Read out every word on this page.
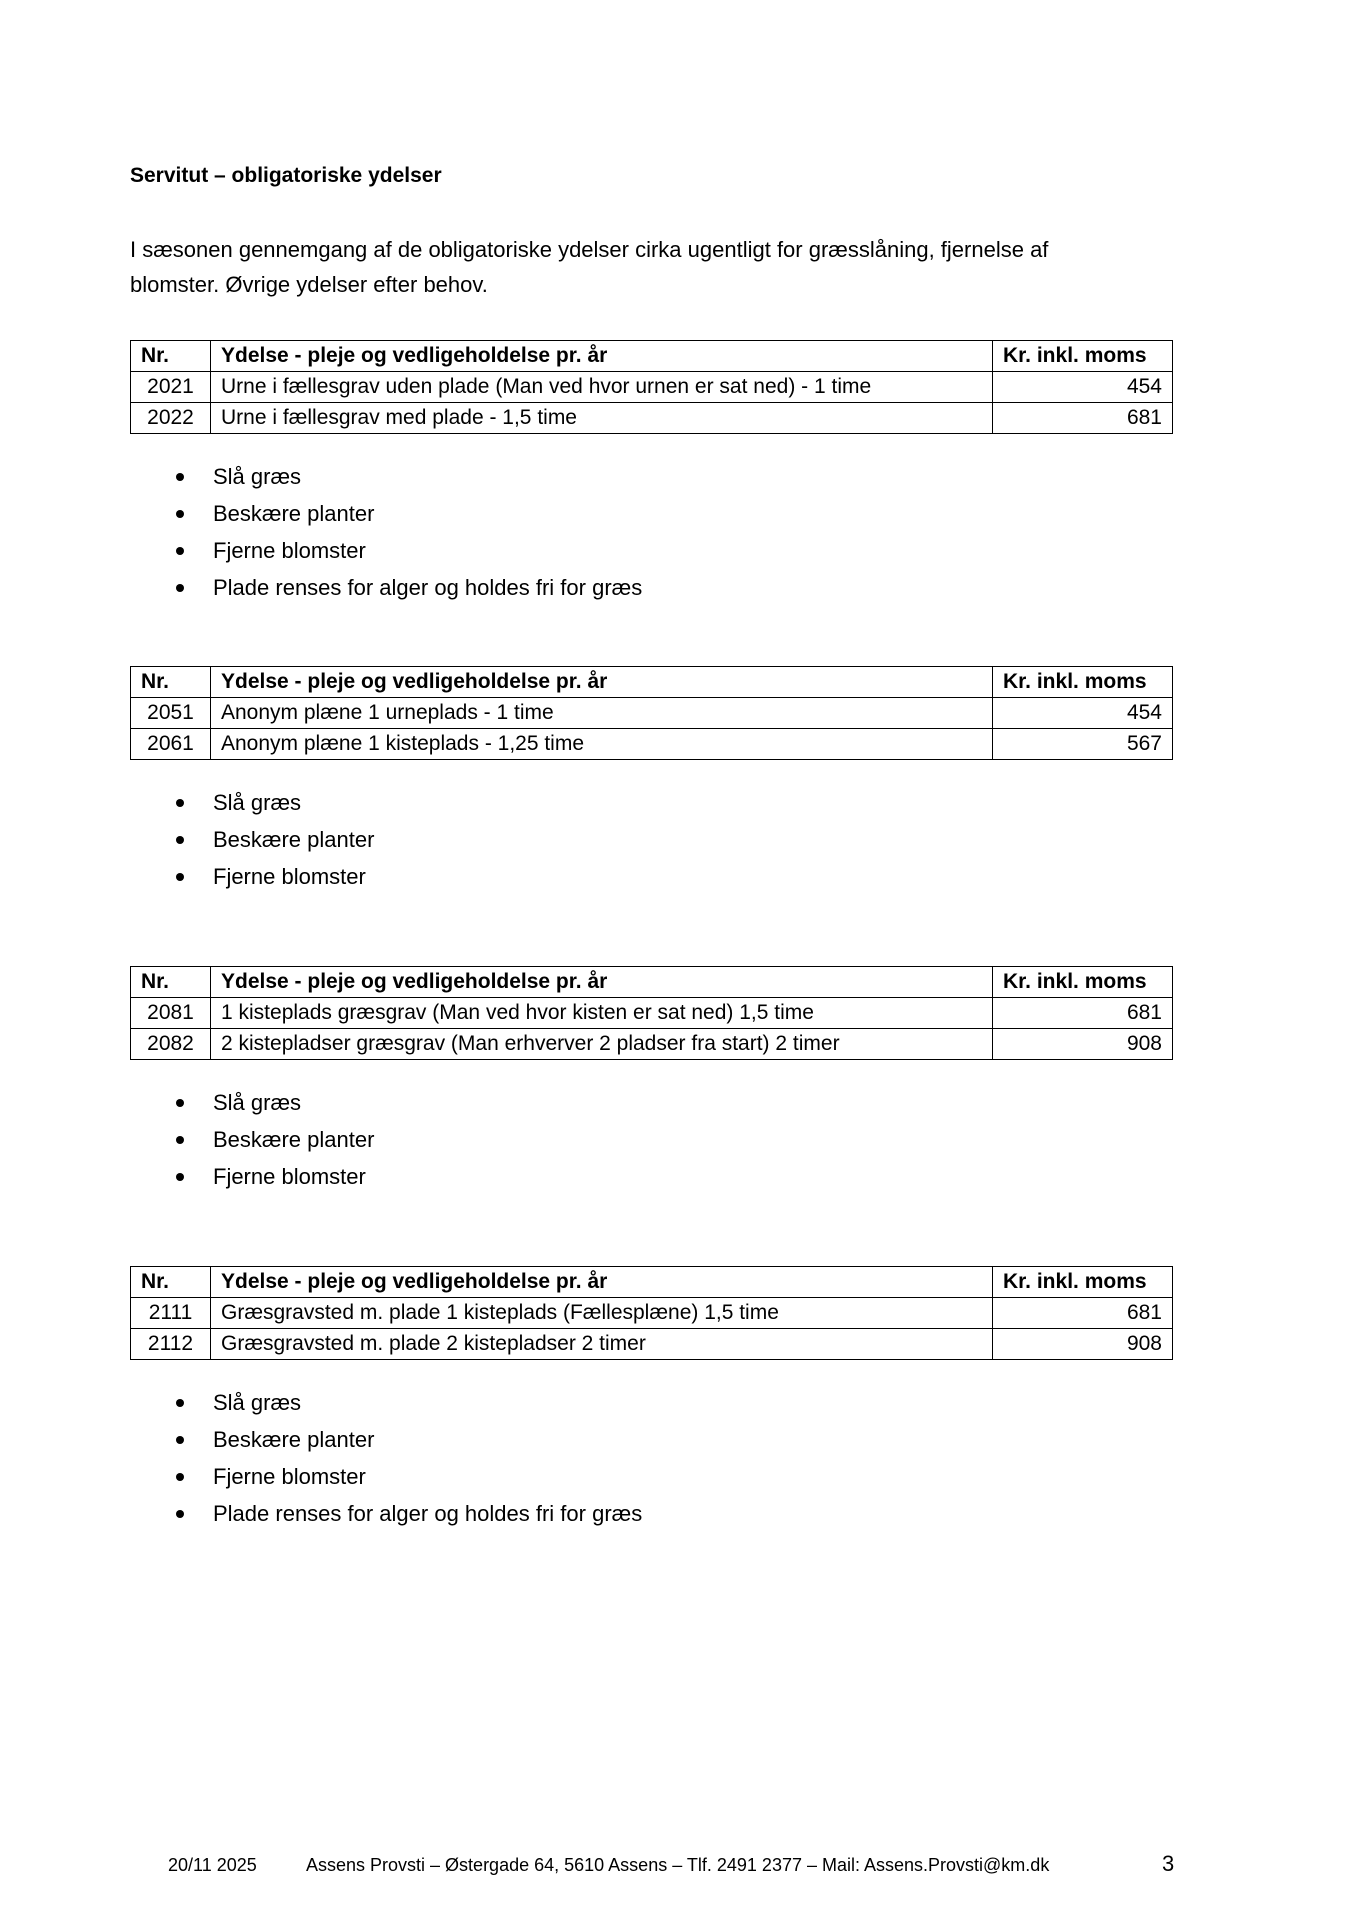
Servitut – obligatoriske ydelser

I sæsonen gennemgang af de obligatoriske ydelser cirka ugentligt for græsslåning, fjernelse af blomster. Øvrige ydelser efter behov.

Nr.	Ydelse - pleje og vedligeholdelse pr. år	Kr. inkl. moms
2021	Urne i fællesgrav uden plade (Man ved hvor urnen er sat ned) - 1 time	454
2022	Urne i fællesgrav med plade - 1,5 time	681
Slå græs
Beskære planter
Fjerne blomster
Plade renses for alger og holdes fri for græs
Nr.	Ydelse - pleje og vedligeholdelse pr. år	Kr. inkl. moms
2051	Anonym plæne 1 urneplads - 1 time	454
2061	Anonym plæne 1 kisteplads - 1,25 time	567
Slå græs
Beskære planter
Fjerne blomster
Nr.	Ydelse - pleje og vedligeholdelse pr. år	Kr. inkl. moms
2081	1 kisteplads græsgrav (Man ved hvor kisten er sat ned) 1,5 time	681
2082	2 kistepladser græsgrav (Man erhverver 2 pladser fra start) 2 timer	908
Slå græs
Beskære planter
Fjerne blomster
Nr.	Ydelse - pleje og vedligeholdelse pr. år	Kr. inkl. moms
2111	Græsgravsted m. plade 1 kisteplads (Fællesplæne) 1,5 time	681
2112	Græsgravsted m. plade 2 kistepladser 2 timer	908
Slå græs
Beskære planter
Fjerne blomster
Plade renses for alger og holdes fri for græs
20/11 2025	Assens Provsti – Østergade 64, 5610 Assens – Tlf. 2491 2377 – Mail: Assens.Provsti@km.dk	3
